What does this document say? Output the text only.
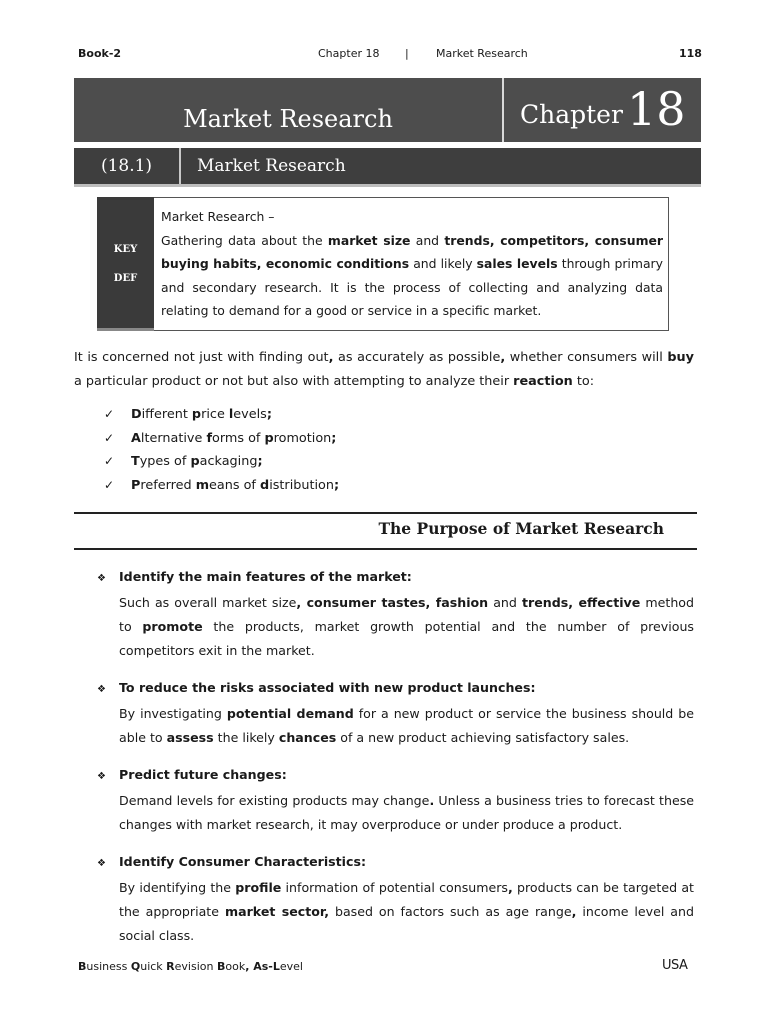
Book-2	Chapter 18 | Market Research	118
Market Research	Chapter 18
(18.1)	Market Research
KEY
DEF
Market Research –
Gathering data about the market size and trends, competitors, consumer buying habits, economic conditions and likely sales levels through primary and secondary research. It is the process of collecting and analyzing data relating to demand for a good or service in a specific market.
It is concerned not just with finding out, as accurately as possible, whether consumers will buy a particular product or not but also with attempting to analyze their reaction to:
✓ Different price levels;
✓ Alternative forms of promotion;
✓ Types of packaging;
✓ Preferred means of distribution;
The Purpose of Market Research
❖ Identify the main features of the market:
Such as overall market size, consumer tastes, fashion and trends, effective method to promote the products, market growth potential and the number of previous competitors exit in the market.
❖ To reduce the risks associated with new product launches:
By investigating potential demand for a new product or service the business should be able to assess the likely chances of a new product achieving satisfactory sales.
❖ Predict future changes:
Demand levels for existing products may change. Unless a business tries to forecast these changes with market research, it may overproduce or under produce a product.
❖ Identify Consumer Characteristics:
By identifying the profile information of potential consumers, products can be targeted at the appropriate market sector, based on factors such as age range, income level and social class.
Business Quick Revision Book, As-Level	USA
